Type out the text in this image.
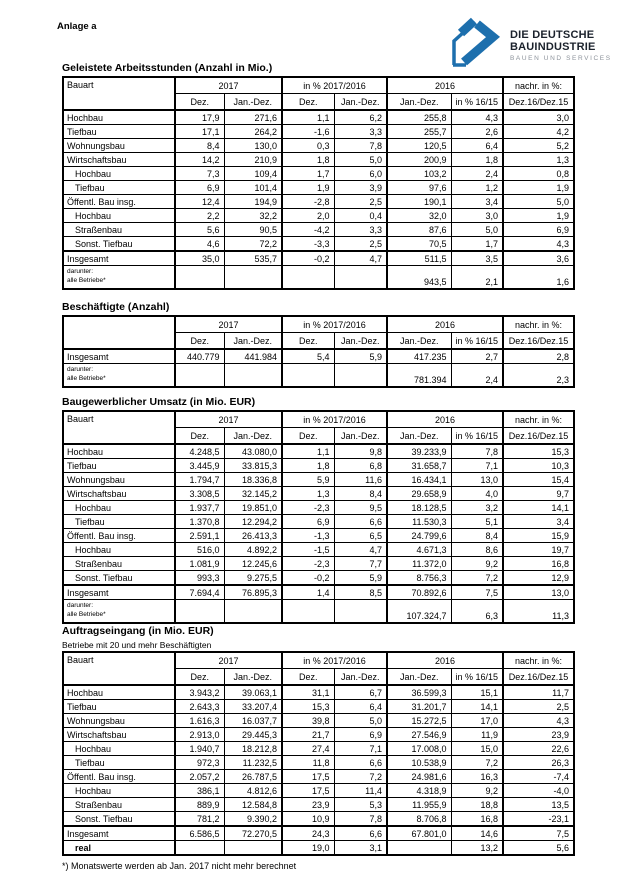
Anlage a
DIE DEUTSCHE
BAUINDUSTRIE
BAUEN UND SERVICES
Geleistete Arbeitsstunden (Anzahl in Mio.)
Bauart	2017		in % 2017/2016		2016		nachr. in %:
	Dez.	Jan.-Dez.	Dez.	Jan.-Dez.	Jan.-Dez.	in % 16/15	Dez.16/Dez.15
Hochbau	17,9	271,6	1,1	6,2	255,8	4,3	3,0
Tiefbau	17,1	264,2	-1,6	3,3	255,7	2,6	4,2
Wohnungsbau	8,4	130,0	0,3	7,8	120,5	6,4	5,2
Wirtschaftsbau	14,2	210,9	1,8	5,0	200,9	1,8	1,3
Hochbau	7,3	109,4	1,7	6,0	103,2	2,4	0,8
Tiefbau	6,9	101,4	1,9	3,9	97,6	1,2	1,9
Öffentl. Bau insg.	12,4	194,9	-2,8	2,5	190,1	3,4	5,0
Hochbau	2,2	32,2	2,0	0,4	32,0	3,0	1,9
Straßenbau	5,6	90,5	-4,2	3,3	87,6	5,0	6,9
Sonst. Tiefbau	4,6	72,2	-3,3	2,5	70,5	1,7	4,3
Insgesamt	35,0	535,7	-0,2	4,7	511,5	3,5	3,6

darunter:
alle Betriebe*					943,5	2,1	1,6
Beschäftigte (Anzahl)
	2017		in % 2017/2016		2016		nachr. in %:
	Dez.	Jan.-Dez.	Dez.	Jan.-Dez.	Jan.-Dez.	in % 16/15	Dez.16/Dez.15
Insgesamt	440.779	441.984	5,4	5,9	417.235	2,7	2,8

darunter:
alle Betriebe*					781.394	2,4	2,3
Baugewerblicher Umsatz (in Mio. EUR)
Bauart	2017		in % 2017/2016		2016		nachr. in %:
	Dez.	Jan.-Dez.	Dez.	Jan.-Dez.	Jan.-Dez.	in % 16/15	Dez.16/Dez.15
Hochbau	4.248,5	43.080,0	1,1	9,8	39.233,9	7,8	15,3
Tiefbau	3.445,9	33.815,3	1,8	6,8	31.658,7	7,1	10,3
Wohnungsbau	1.794,7	18.336,8	5,9	11,6	16.434,1	13,0	15,4
Wirtschaftsbau	3.308,5	32.145,2	1,3	8,4	29.658,9	4,0	9,7
Hochbau	1.937,7	19.851,0	-2,3	9,5	18.128,5	3,2	14,1
Tiefbau	1.370,8	12.294,2	6,9	6,6	11.530,3	5,1	3,4
Öffentl. Bau insg.	2.591,1	26.413,3	-1,3	6,5	24.799,6	8,4	15,9
Hochbau	516,0	4.892,2	-1,5	4,7	4.671,3	8,6	19,7
Straßenbau	1.081,9	12.245,6	-2,3	7,7	11.372,0	9,2	16,8
Sonst. Tiefbau	993,3	9.275,5	-0,2	5,9	8.756,3	7,2	12,9
Insgesamt	7.694,4	76.895,3	1,4	8,5	70.892,6	7,5	13,0

darunter:
alle Betriebe*					107.324,7	6,3	11,3
Auftragseingang (in Mio. EUR)
Betriebe mit 20 und mehr Beschäftigten
Bauart	2017		in % 2017/2016		2016		nachr. in %:
	Dez.	Jan.-Dez.	Dez.	Jan.-Dez.	Jan.-Dez.	in % 16/15	Dez.16/Dez.15
Hochbau	3.943,2	39.063,1	31,1	6,7	36.599,3	15,1	11,7
Tiefbau	2.643,3	33.207,4	15,3	6,4	31.201,7	14,1	2,5
Wohnungsbau	1.616,3	16.037,7	39,8	5,0	15.272,5	17,0	4,3
Wirtschaftsbau	2.913,0	29.445,3	21,7	6,9	27.546,9	11,9	23,9
Hochbau	1.940,7	18.212,8	27,4	7,1	17.008,0	15,0	22,6
Tiefbau	972,3	11.232,5	11,8	6,6	10.538,9	7,2	26,3
Öffentl. Bau insg.	2.057,2	26.787,5	17,5	7,2	24.981,6	16,3	-7,4
Hochbau	386,1	4.812,6	17,5	11,4	4.318,9	9,2	-4,0
Straßenbau	889,9	12.584,8	23,9	5,3	11.955,9	18,8	13,5
Sonst. Tiefbau	781,2	9.390,2	10,9	7,8	8.706,8	16,8	-23,1
Insgesamt	6.586,5	72.270,5	24,3	6,6	67.801,0	14,6	7,5
real			19,0	3,1		13,2	5,6
*) Monatswerte werden ab Jan. 2017 nicht mehr berechnet
